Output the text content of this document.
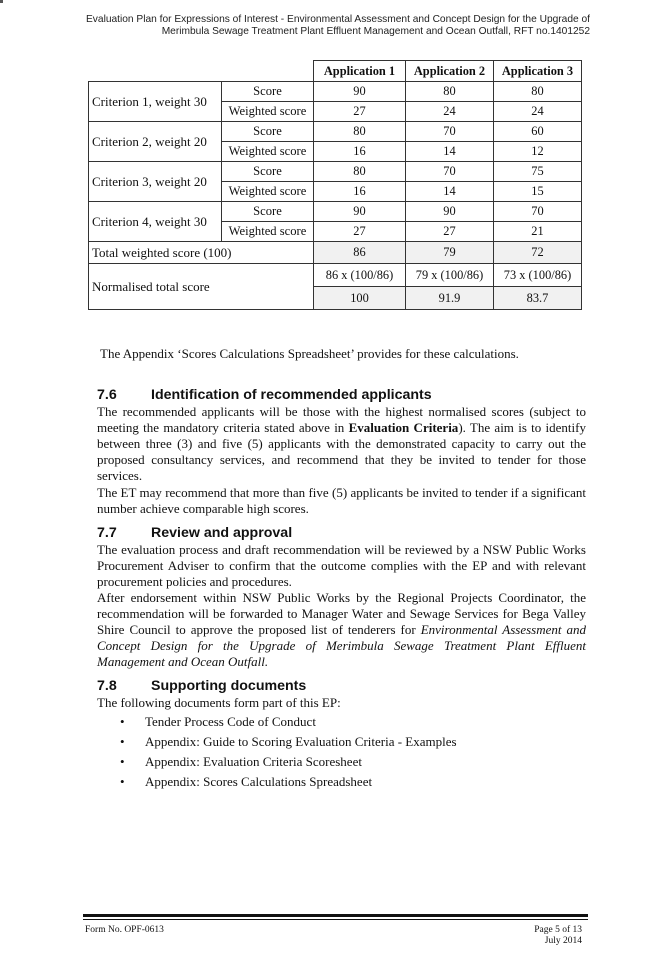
Evaluation Plan for Expressions of Interest - Environmental Assessment and Concept Design for the Upgrade of
Merimbula Sewage Treatment Plant Effluent Management and Ocean Outfall, RFT no.1401252
		Application 1	Application 2	Application 3
Criterion 1, weight 30	Score	90	80	80
	Weighted score	27	24	24
Criterion 2, weight 20	Score	80	70	60
	Weighted score	16	14	12
Criterion 3, weight 20	Score	80	70	75
	Weighted score	16	14	15
Criterion 4, weight 30	Score	90	90	70
	Weighted score	27	27	21
Total weighted score (100)		86	79	72
Normalised total score		86 x (100/86)	79 x (100/86)	73 x (100/86)
		100	91.9	83.7
The Appendix ‘Scores Calculations Spreadsheet’ provides for these calculations.
7.6 Identification of recommended applicants
The recommended applicants will be those with the highest normalised scores (subject to meeting the mandatory criteria stated above in Evaluation Criteria). The aim is to identify between three (3) and five (5) applicants with the demonstrated capacity to carry out the proposed consultancy services, and recommend that they be invited to tender for those services.
The ET may recommend that more than five (5) applicants be invited to tender if a significant number achieve comparable high scores.
7.7 Review and approval
The evaluation process and draft recommendation will be reviewed by a NSW Public Works Procurement Adviser to confirm that the outcome complies with the EP and with relevant procurement policies and procedures.
After endorsement within NSW Public Works by the Regional Projects Coordinator, the recommendation will be forwarded to Manager Water and Sewage Services for Bega Valley Shire Council to approve the proposed list of tenderers for Environmental Assessment and Concept Design for the Upgrade of Merimbula Sewage Treatment Plant Effluent Management and Ocean Outfall.
7.8 Supporting documents
The following documents form part of this EP:
• Tender Process Code of Conduct
• Appendix: Guide to Scoring Evaluation Criteria - Examples
• Appendix: Evaluation Criteria Scoresheet
• Appendix: Scores Calculations Spreadsheet
Form No. OPF-0613	Page 5 of 13
July 2014
